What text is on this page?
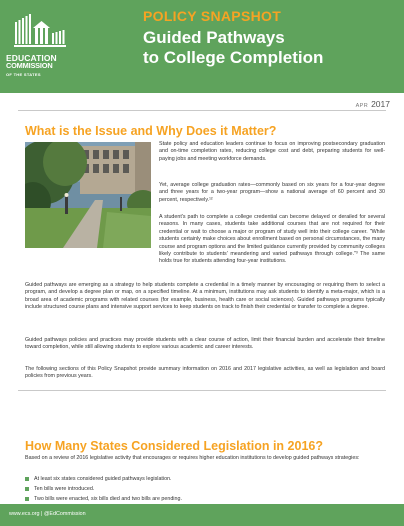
EDUCATION
COMMISSION
OF THE STATES
POLICY SNAPSHOT
Guided Pathways
to College Completion
APR 2017
What is the Issue and Why Does it Matter?

State policy and education leaders continue to focus on improving postsecondary graduation and on-time completion rates, reducing college cost and debt, preparing students for well-paying jobs and meeting workforce demands.

Yet, average college graduation rates—commonly based on six years for a four-year degree and three years for a two-year program—show a national average of 60 percent and 30 percent, respectively.¹²

A student's path to complete a college credential can become delayed or derailed for several reasons. In many cases, students take additional courses that are not required for their credential or wait to choose a major or program of study well into their college career. "While students certainly make choices about enrollment based on personal circumstances, the many course and program options and the limited guidance currently provided by community colleges likely contribute to students' meandering and varied pathways through college."³ The same holds true for students attending four-year institutions.

Guided pathways are emerging as a strategy to help students complete a credential in a timely manner by encouraging or requiring them to select a program, and develop a degree plan or map, on a specified timeline. At a minimum, institutions may ask students to identify a meta-major, which is a broad area of academic programs with related courses (for example, business, health care or social sciences). Guided pathways programs typically include structured course plans and intensive support services to keep students on track to finish their credential or transfer to complete a degree.

Guided pathways policies and practices may provide students with a clear course of action, limit their financial burden and accelerate their timeline toward completion, while still allowing students to explore various academic and career interests.

The following sections of this Policy Snapshot provide summary information on 2016 and 2017 legislative activities, as well as legislation and board policies from previous years.

How Many States Considered Legislation in 2016?

Based on a review of 2016 legislative activity that encourages or requires higher education institutions to develop guided pathways strategies:

At least six states considered guided pathways legislation.
Ten bills were introduced.
Two bills were enacted, six bills died and two bills are pending.
www.ecs.org | @EdCommission
